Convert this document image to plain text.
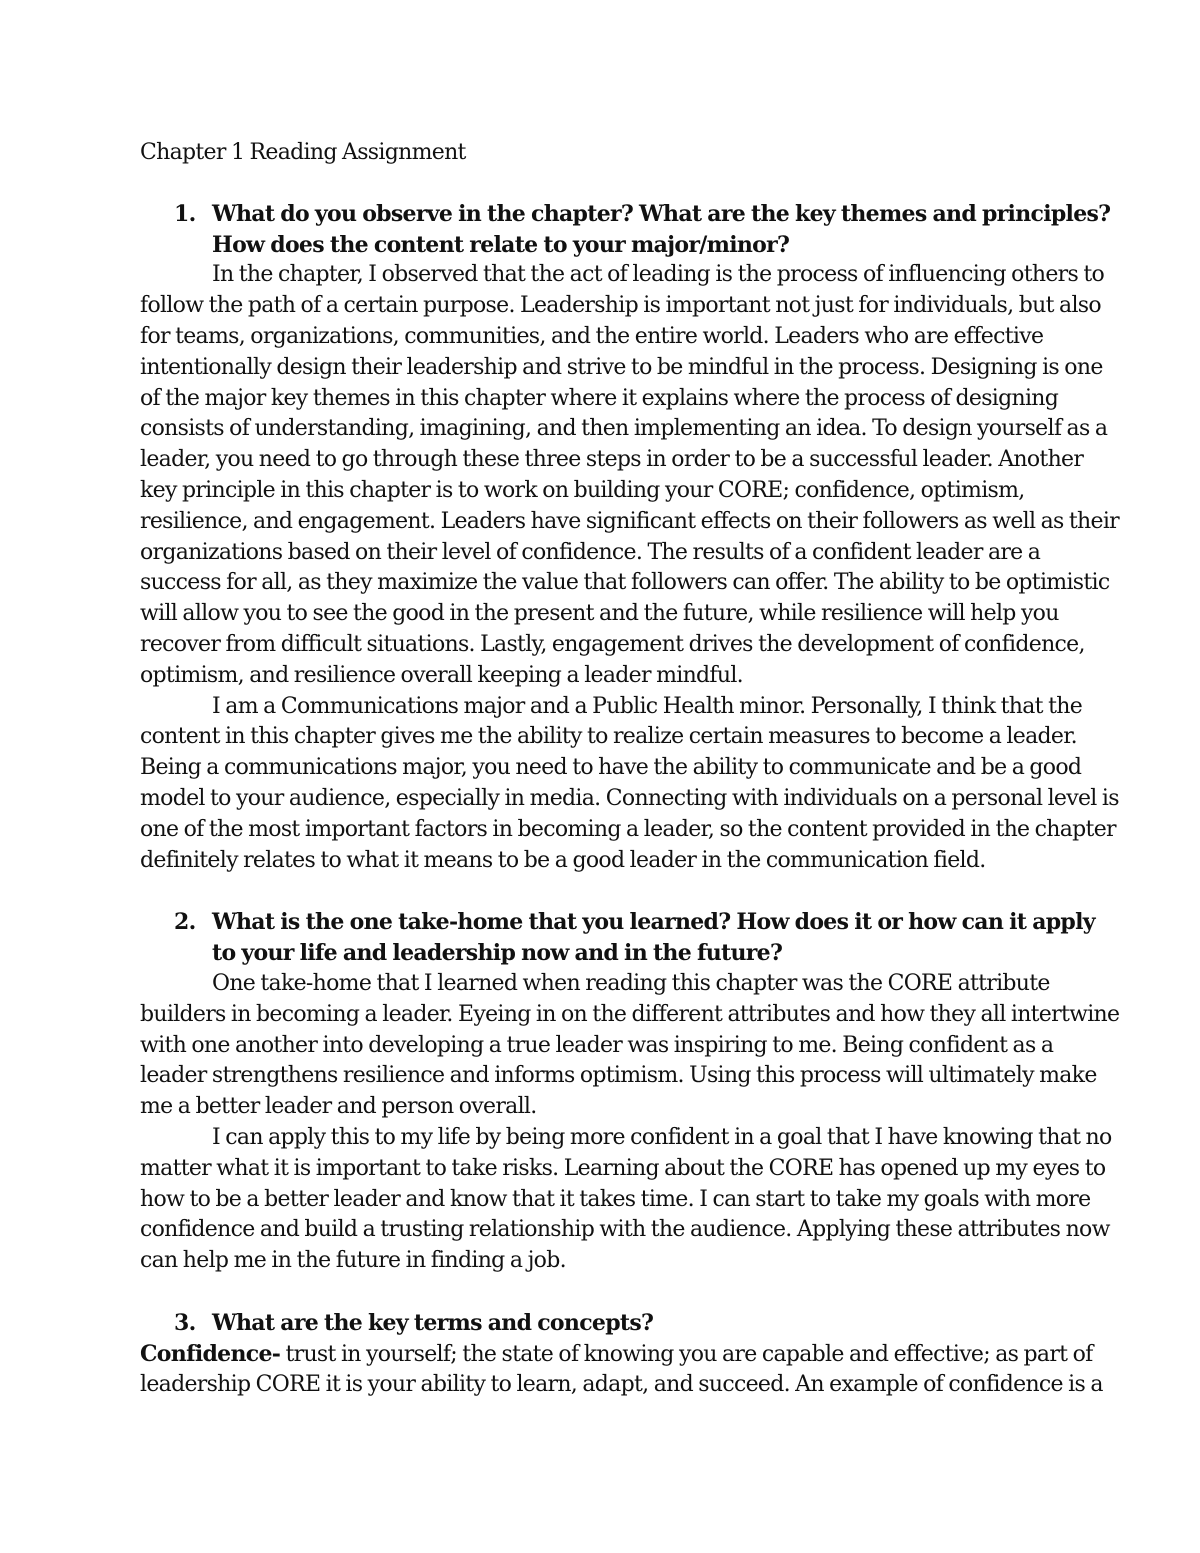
Chapter 1 Reading Assignment

1. What do you observe in the chapter? What are the key themes and principles? How does the content relate to your major/minor?

In the chapter, I observed that the act of leading is the process of influencing others to follow the path of a certain purpose. Leadership is important not just for individuals, but also for teams, organizations, communities, and the entire world. Leaders who are effective intentionally design their leadership and strive to be mindful in the process. Designing is one of the major key themes in this chapter where it explains where the process of designing consists of understanding, imagining, and then implementing an idea. To design yourself as a leader, you need to go through these three steps in order to be a successful leader. Another key principle in this chapter is to work on building your CORE; confidence, optimism, resilience, and engagement. Leaders have significant effects on their followers as well as their organizations based on their level of confidence. The results of a confident leader are a success for all, as they maximize the value that followers can offer. The ability to be optimistic will allow you to see the good in the present and the future, while resilience will help you recover from difficult situations. Lastly, engagement drives the development of confidence, optimism, and resilience overall keeping a leader mindful.

I am a Communications major and a Public Health minor. Personally, I think that the content in this chapter gives me the ability to realize certain measures to become a leader. Being a communications major, you need to have the ability to communicate and be a good model to your audience, especially in media. Connecting with individuals on a personal level is one of the most important factors in becoming a leader, so the content provided in the chapter definitely relates to what it means to be a good leader in the communication field.

2. What is the one take-home that you learned? How does it or how can it apply to your life and leadership now and in the future?

One take-home that I learned when reading this chapter was the CORE attribute builders in becoming a leader. Eyeing in on the different attributes and how they all intertwine with one another into developing a true leader was inspiring to me. Being confident as a leader strengthens resilience and informs optimism. Using this process will ultimately make me a better leader and person overall.

I can apply this to my life by being more confident in a goal that I have knowing that no matter what it is important to take risks. Learning about the CORE has opened up my eyes to how to be a better leader and know that it takes time. I can start to take my goals with more confidence and build a trusting relationship with the audience. Applying these attributes now can help me in the future in finding a job.

3. What are the key terms and concepts?

Confidence- trust in yourself; the state of knowing you are capable and effective; as part of leadership CORE it is your ability to learn, adapt, and succeed. An example of confidence is a
